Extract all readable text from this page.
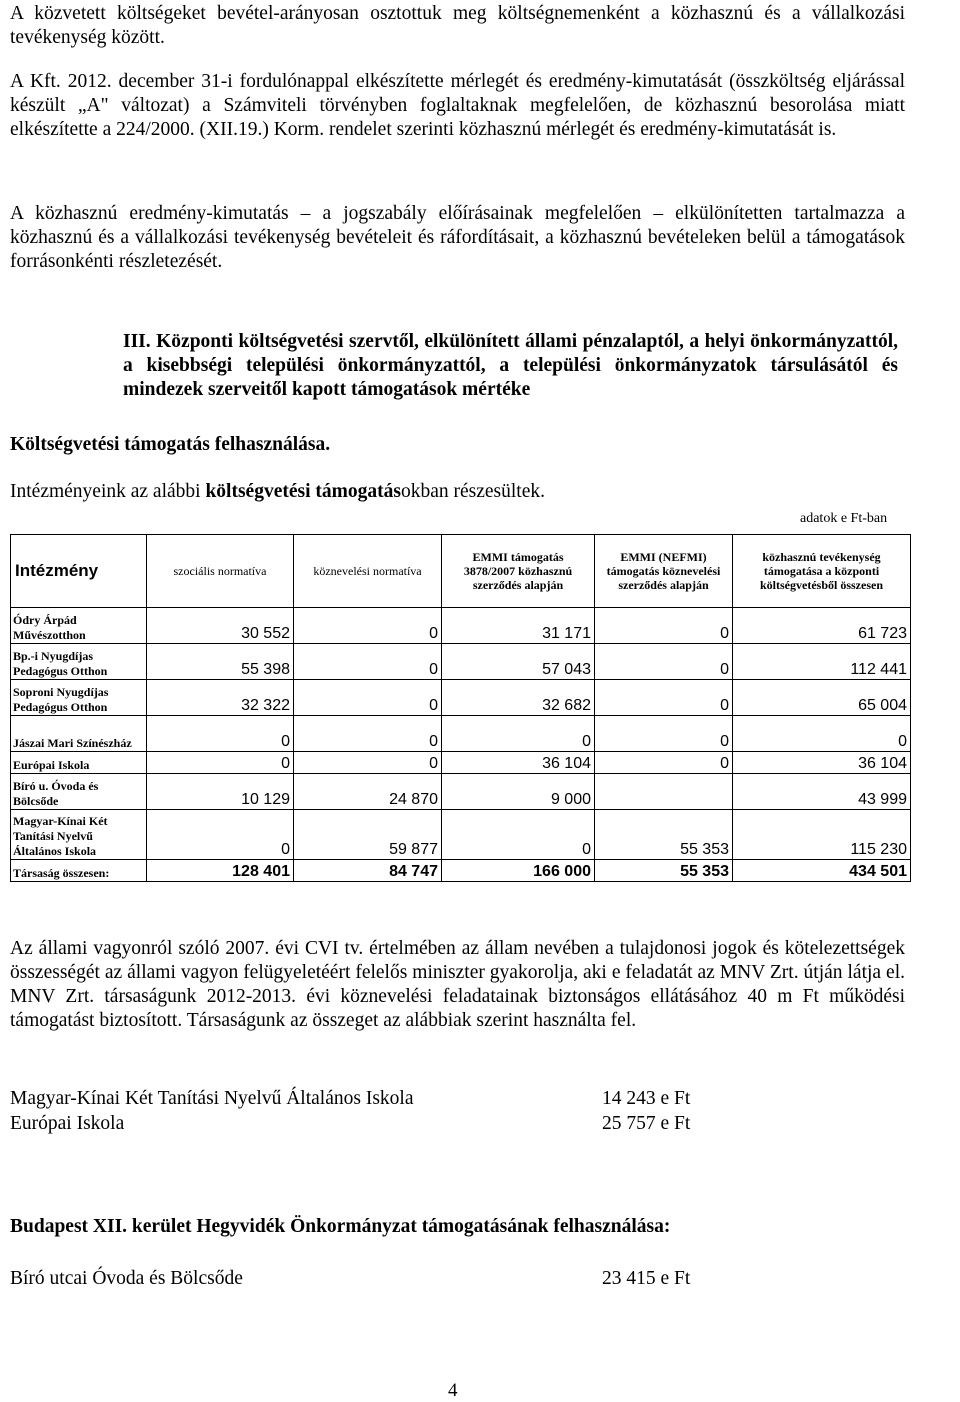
A közvetett költségeket bevétel-arányosan osztottuk meg költségnemenként a közhasznú és a vállalkozási tevékenység között.

A Kft. 2012. december 31-i fordulónappal elkészítette mérlegét és eredmény-kimutatását (összköltség eljárással készült „A" változat) a Számviteli törvényben foglaltaknak megfelelően, de közhasznú besorolása miatt elkészítette a 224/2000. (XII.19.) Korm. rendelet szerinti közhasznú mérlegét és eredmény-kimutatását is.

A közhasznú eredmény-kimutatás – a jogszabály előírásainak megfelelően – elkülönítetten tartalmazza a közhasznú és a vállalkozási tevékenység bevételeit és ráfordításait, a közhasznú bevételeken belül a támogatások forrásonkénti részletezését.

III. Központi költségvetési szervtől, elkülönített állami pénzalaptól, a helyi önkormányzattól, a kisebbségi települési önkormányzattól, a települési önkormányzatok társulásától és mindezek szerveitől kapott támogatások mértéke

Költségvetési támogatás felhasználása.

Intézményeink az alábbi költségvetési támogatásokban részesültek.

adatok e Ft-ban

Intézmény	szociális normatíva	köznevelési normatíva	EMMI támogatás 3878/2007 közhasznú szerződés alapján	EMMI (NEFMI) támogatás köznevelési szerződés alapján	közhasznú tevékenység támogatása a központi költségvetésből összesen
Ódry Árpád Művészotthon	30 552	0	31 171	0	61 723
Bp.-i Nyugdíjas Pedagógus Otthon	55 398	0	57 043	0	112 441
Soproni Nyugdíjas Pedagógus Otthon	32 322	0	32 682	0	65 004
Jászai Mari Színészház	0	0	0	0	0
Európai Iskola	0	0	36 104	0	36 104
Bíró u. Óvoda és Bölcsőde	10 129	24 870	9 000		43 999
Magyar-Kínai Két Tanítási Nyelvű Általános Iskola	0	59 877	0	55 353	115 230
Társaság összesen:	128 401	84 747	166 000	55 353	434 501

Az állami vagyonról szóló 2007. évi CVI tv. értelmében az állam nevében a tulajdonosi jogok és kötelezettségek összességét az állami vagyon felügyeletéért felelős miniszter gyakorolja, aki e feladatát az MNV Zrt. útján látja el. MNV Zrt. társaságunk 2012-2013. évi köznevelési feladatainak biztonságos ellátásához 40 m Ft működési támogatást biztosított. Társaságunk az összeget az alábbiak szerint használta fel.

Magyar-Kínai Két Tanítási Nyelvű Általános Iskola	14 243 e Ft
Európai Iskola	25 757 e Ft

Budapest XII. kerület Hegyvidék Önkormányzat támogatásának felhasználása:

Bíró utcai Óvoda és Bölcsőde	23 415 e Ft

4
